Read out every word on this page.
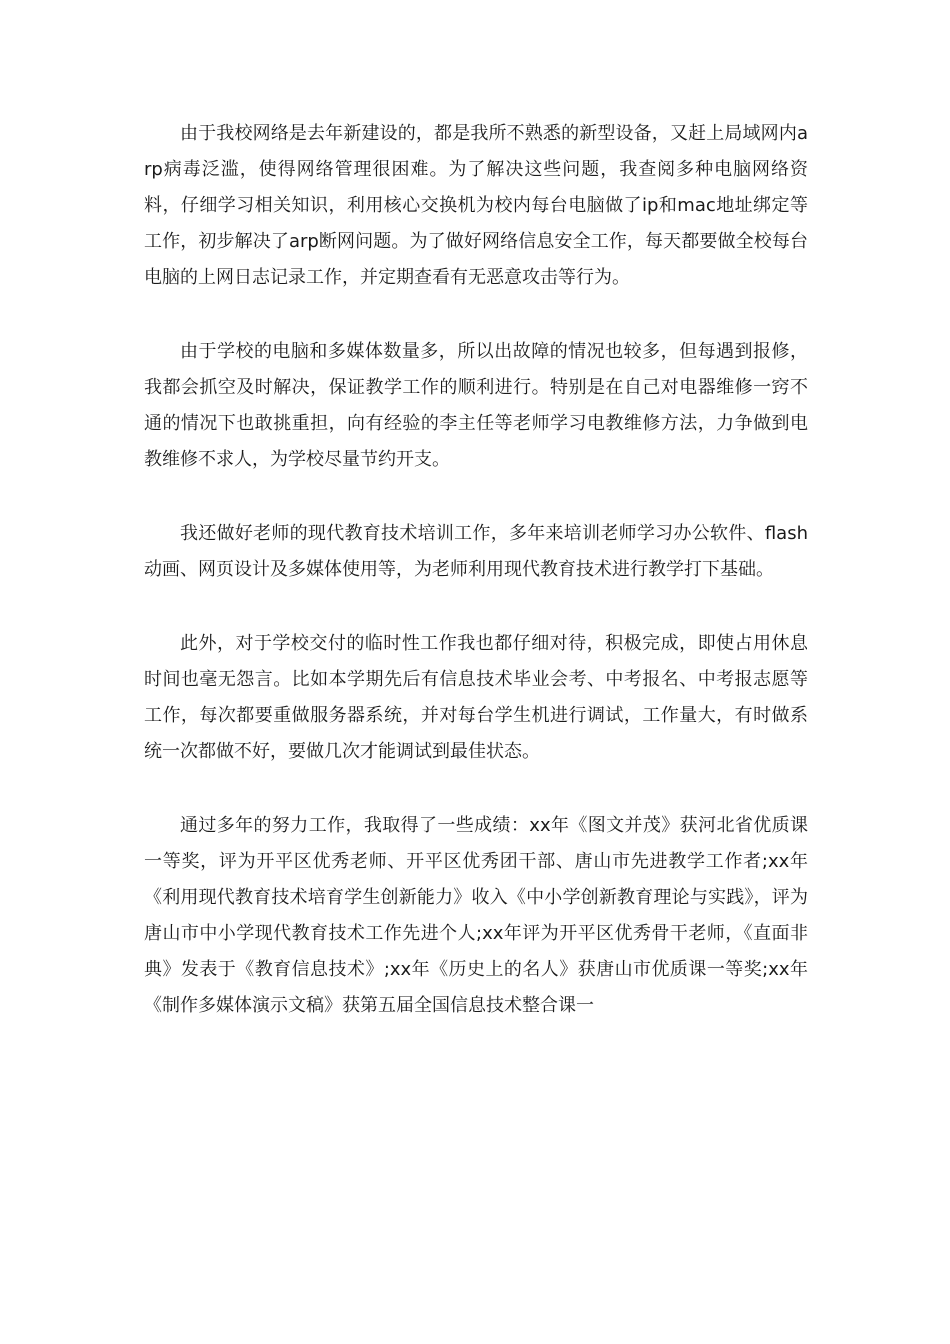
由于我校网络是去年新建设的，都是我所不熟悉的新型设备，又赶上局域网内arp病毒泛滥，使得网络管理很困难。为了解决这些问题，我查阅多种电脑网络资料，仔细学习相关知识，利用核心交换机为校内每台电脑做了ip和mac地址绑定等工作，初步解决了arp断网问题。为了做好网络信息安全工作，每天都要做全校每台电脑的上网日志记录工作，并定期查看有无恶意攻击等行为。

由于学校的电脑和多媒体数量多，所以出故障的情况也较多，但每遇到报修，我都会抓空及时解决，保证教学工作的顺利进行。特别是在自己对电器维修一窍不通的情况下也敢挑重担，向有经验的李主任等老师学习电教维修方法，力争做到电教维修不求人，为学校尽量节约开支。

我还做好老师的现代教育技术培训工作，多年来培训老师学习办公软件、flash动画、网页设计及多媒体使用等，为老师利用现代教育技术进行教学打下基础。

此外，对于学校交付的临时性工作我也都仔细对待，积极完成，即使占用休息时间也毫无怨言。比如本学期先后有信息技术毕业会考、中考报名、中考报志愿等工作，每次都要重做服务器系统，并对每台学生机进行调试，工作量大，有时做系统一次都做不好，要做几次才能调试到最佳状态。

通过多年的努力工作，我取得了一些成绩：xx年《图文并茂》获河北省优质课一等奖，评为开平区优秀老师、开平区优秀团干部、唐山市先进教学工作者;xx年《利用现代教育技术培育学生创新能力》收入《中小学创新教育理论与实践》，评为唐山市中小学现代教育技术工作先进个人;xx年评为开平区优秀骨干老师，《直面非典》发表于《教育信息技术》;xx年《历史上的名人》获唐山市优质课一等奖;xx年《制作多媒体演示文稿》获第五届全国信息技术整合课一
